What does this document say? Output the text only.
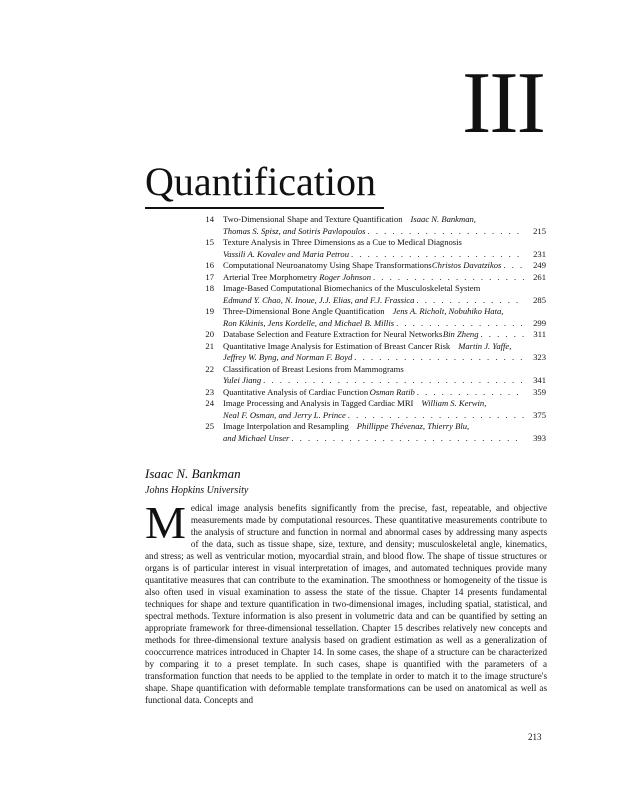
III
Quantification
14 Two-Dimensional Shape and Texture Quantification Isaac N. Bankman,
Thomas S. Spisz, and Sotiris Pavlopoulos . . .	215
15 Texture Analysis in Three Dimensions as a Cue to Medical Diagnosis
Vassili A. Kovalev and Maria Petrou . . .	231
16 Computational Neuroanatomy Using Shape Transformations Christos Davatzikos . . .	249
17 Arterial Tree Morphometry Roger Johnson . . .	261
18 Image-Based Computational Biomechanics of the Musculoskeletal System
Edmund Y. Chao, N. Inoue, J.J. Elias, and F.J. Frassica . . .	285
19 Three-Dimensional Bone Angle Quantification Jens A. Richolt, Nobuhiko Hata,
Ron Kikinis, Jens Kordelle, and Michael B. Millis . . .	299
20 Database Selection and Feature Extraction for Neural Networks Bin Zheng . . .	311
21 Quantitative Image Analysis for Estimation of Breast Cancer Risk Martin J. Yaffe,
Jeffrey W. Byng, and Norman F. Boyd . . .	323
22 Classification of Breast Lesions from Mammograms
Yulei Jiang . . .	341
23 Quantitative Analysis of Cardiac Function Osman Ratib . . .	359
24 Image Processing and Analysis in Tagged Cardiac MRI William S. Kerwin,
Neal F. Osman, and Jerry L. Prince . . .	375
25 Image Interpolation and Resampling Phillippe Thévenaz, Thierry Blu,
and Michael Unser . . .	393
Isaac N. Bankman
Johns Hopkins University
Medical image analysis benefits significantly from the precise, fast, repeatable, and objective measurements made by computational resources. These quantitative measurements contribute to the analysis of structure and function in normal and abnormal cases by addressing many aspects of the data, such as tissue shape, size, texture, and density; musculoskeletal angle, kinematics, and stress; as well as ventricular motion, myocardial strain, and blood flow. The shape of tissue structures or organs is of particular interest in visual interpretation of images, and automated techniques provide many quantitative measures that can contribute to the examination. The smoothness or homogeneity of the tissue is also often used in visual examination to assess the state of the tissue. Chapter 14 presents fundamental techniques for shape and texture quantification in two-dimensional images, including spatial, statistical, and spectral methods. Texture information is also present in volumetric data and can be quantified by setting an appropriate framework for three-dimensional tessellation. Chapter 15 describes relatively new concepts and methods for three-dimensional texture analysis based on gradient estimation as well as a generalization of cooccurrence matrices introduced in Chapter 14. In some cases, the shape of a structure can be characterized by comparing it to a preset template. In such cases, shape is quantified with the parameters of a transformation function that needs to be applied to the template in order to match it to the image structure's shape. Shape quantification with deformable template transformations can be used on anatomical as well as functional data. Concepts and
213
